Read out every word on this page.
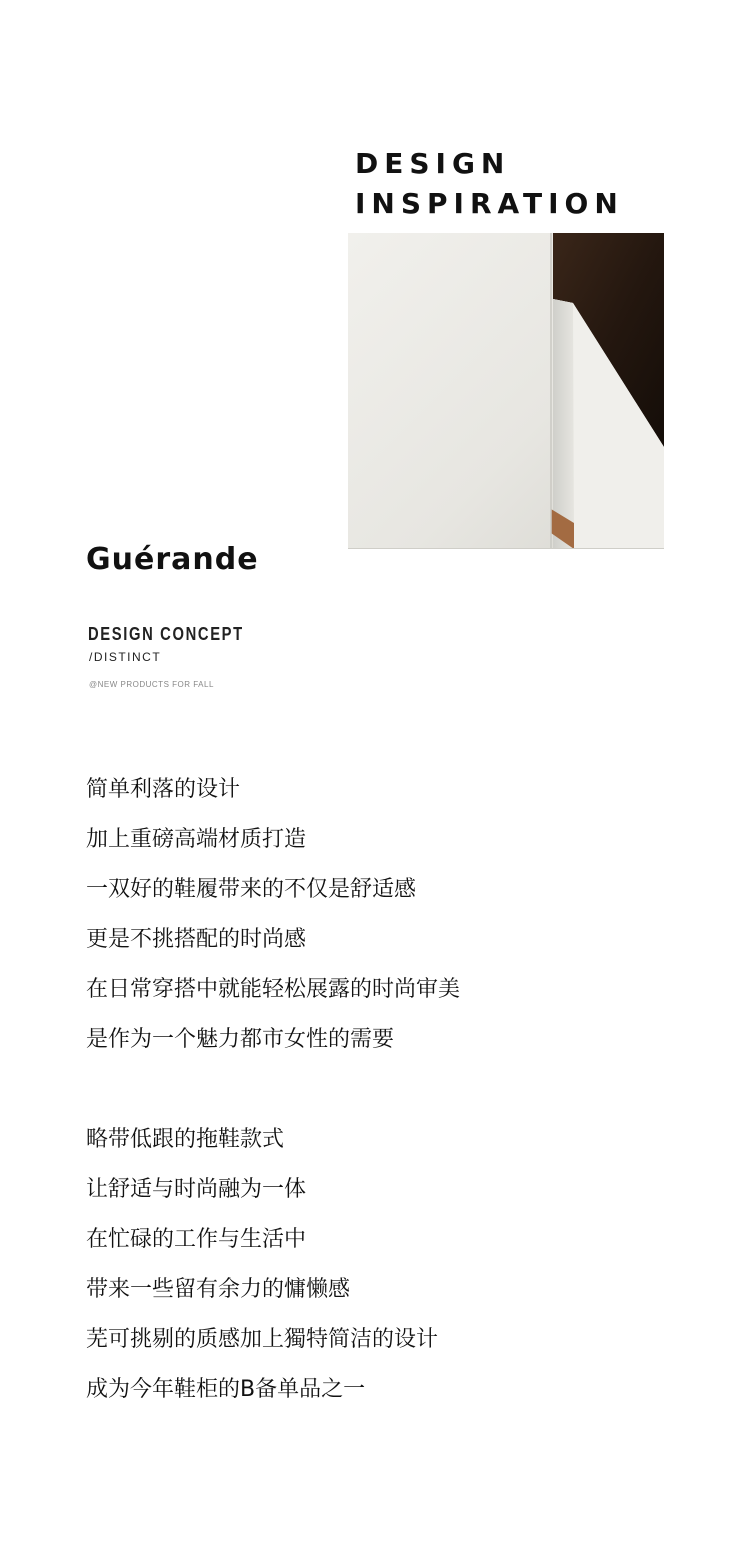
DESIGN
INSPIRATION
Guérande
DESIGN CONCEPT

/DISTINCT

@NEW PRODUCTS FOR FALL

简单利落的设计
加上重磅高端材质打造
一双好的鞋履带来的不仅是舒适感
更是不挑搭配的时尚感
在日常穿搭中就能轻松展露的时尚审美
是作为一个魅力都市女性的需要
略带低跟的拖鞋款式
让舒适与时尚融为一体
在忙碌的工作与生活中
带来一些留有余力的慵懒感
芜可挑剔的质感加上獨特简洁的设计
成为今年鞋柜的B备单品之一
